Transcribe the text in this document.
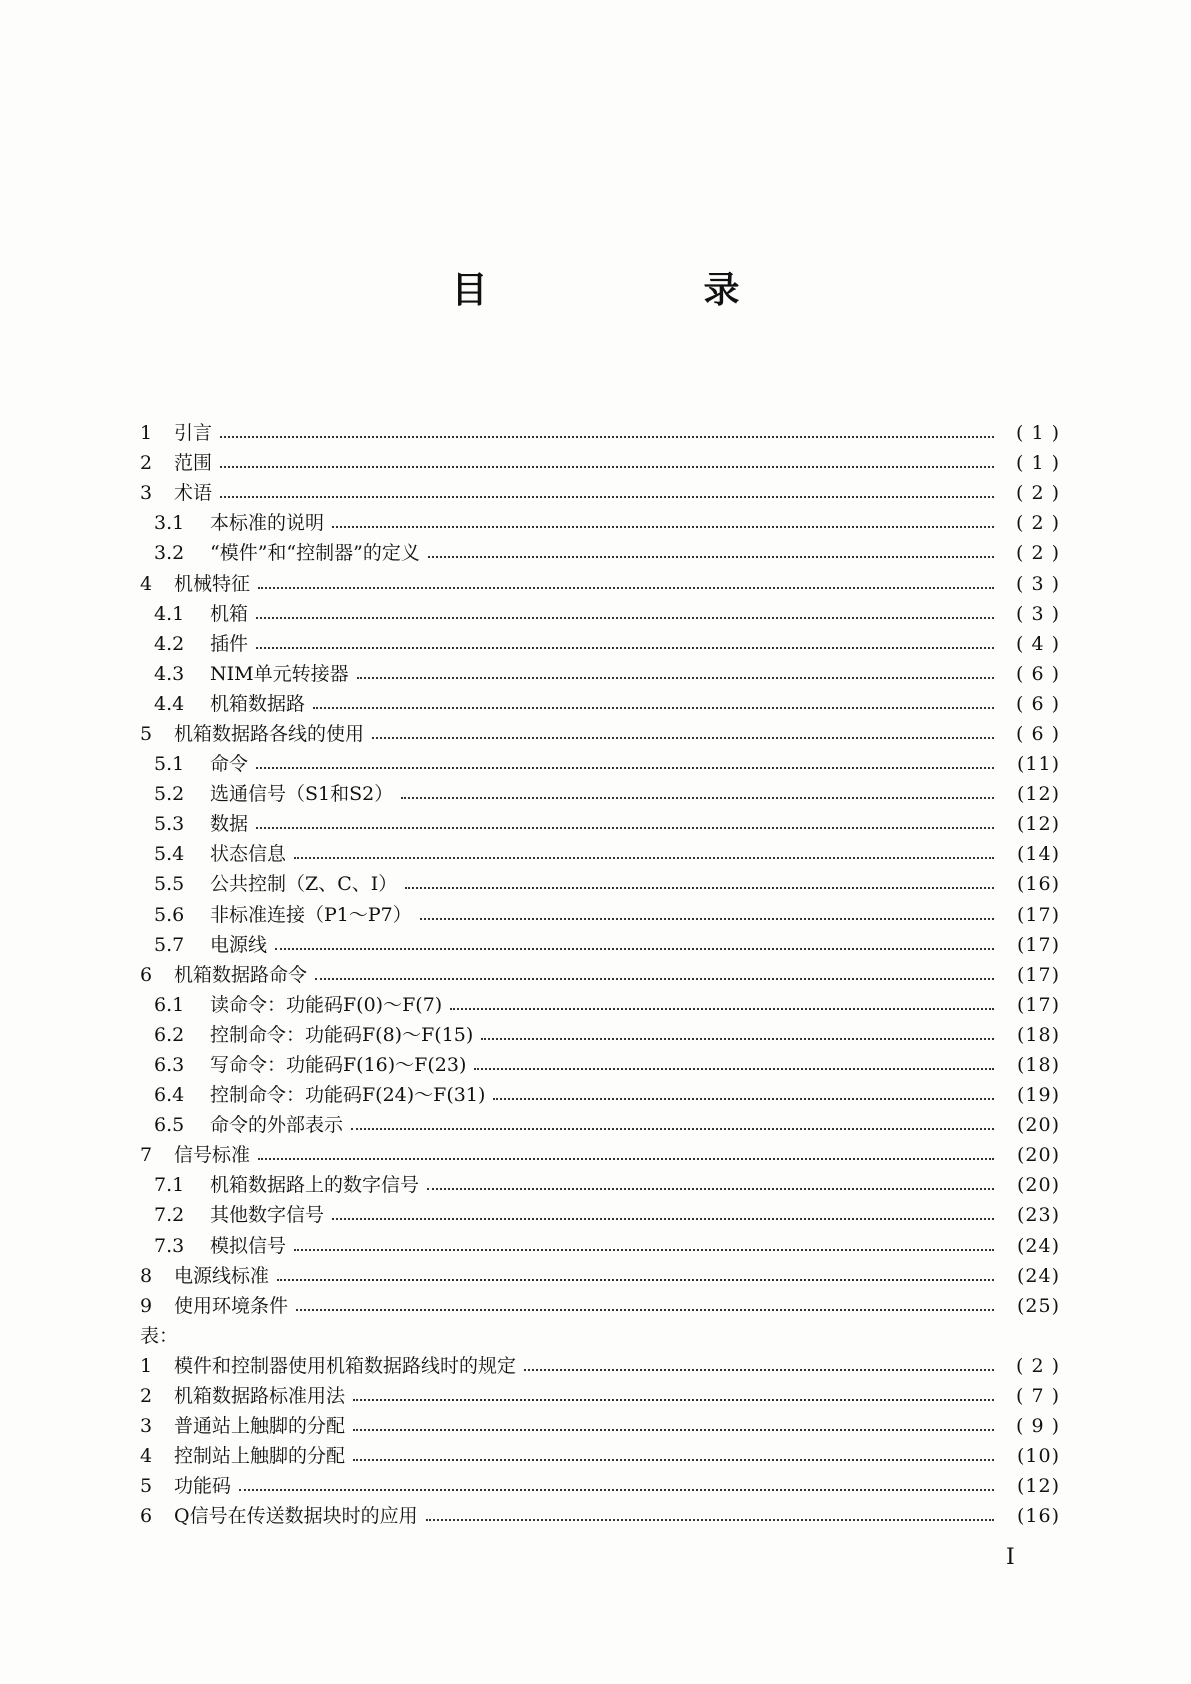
目　录
1	引言	( 1 )
2	范围	( 1 )
3	术语	( 2 )
3.1	本标准的说明	( 2 )
3.2	“模件”和“控制器”的定义	( 2 )
4	机械特征	( 3 )
4.1	机箱	( 3 )
4.2	插件	( 4 )
4.3	NIM单元转接器	( 6 )
4.4	机箱数据路	( 6 )
5	机箱数据路各线的使用	( 6 )
5.1	命令	(11)
5.2	选通信号（S1和S2）	(12)
5.3	数据	(12)
5.4	状态信息	(14)
5.5	公共控制（Z、C、I）	(16)
5.6	非标准连接（P1～P7）	(17)
5.7	电源线	(17)
6	机箱数据路命令	(17)
6.1	读命令：功能码F(0)～F(7)	(17)
6.2	控制命令：功能码F(8)～F(15)	(18)
6.3	写命令：功能码F(16)～F(23)	(18)
6.4	控制命令：功能码F(24)～F(31)	(19)
6.5	命令的外部表示	(20)
7	信号标准	(20)
7.1	机箱数据路上的数字信号	(20)
7.2	其他数字信号	(23)
7.3	模拟信号	(24)
8	电源线标准	(24)
9	使用环境条件	(25)
表：
1	模件和控制器使用机箱数据路线时的规定	( 2 )
2	机箱数据路标准用法	( 7 )
3	普通站上触脚的分配	( 9 )
4	控制站上触脚的分配	(10)
5	功能码	(12)
6	Q信号在传送数据块时的应用	(16)
I
